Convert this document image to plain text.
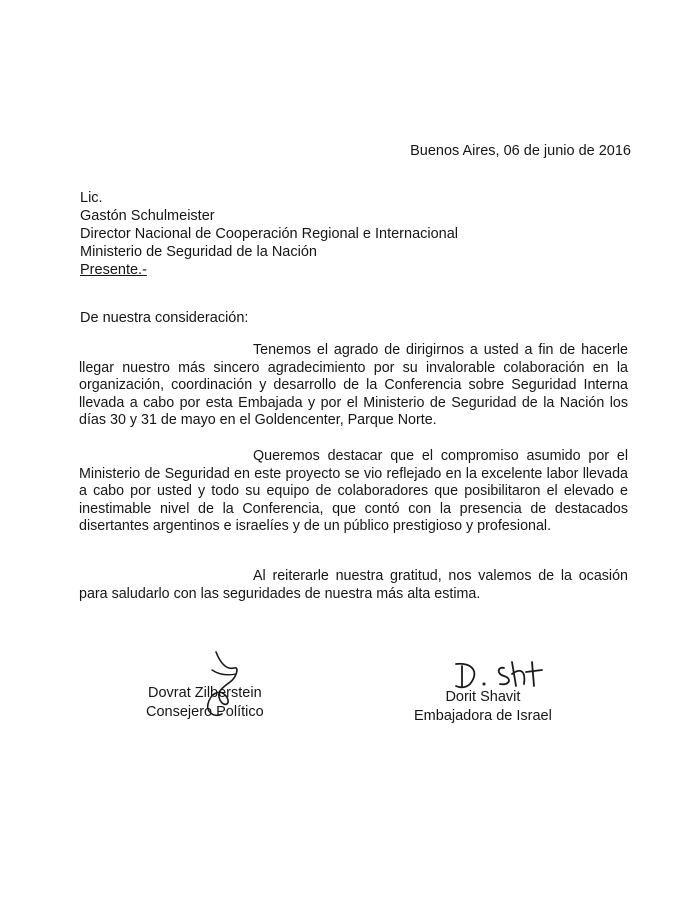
Buenos Aires, 06 de junio de 2016
Lic.
Gastón Schulmeister
Director Nacional de Cooperación Regional e Internacional
Ministerio de Seguridad de la Nación
Presente.-
De nuestra consideración:
Tenemos el agrado de dirigirnos a usted a fin de hacerle llegar nuestro más sincero agradecimiento por su invalorable colaboración en la organización, coordinación y desarrollo de la Conferencia sobre Seguridad Interna llevada a cabo por esta Embajada y por el Ministerio de Seguridad de la Nación los días 30 y 31 de mayo en el Goldencenter, Parque Norte.
Queremos destacar que el compromiso asumido por el Ministerio de Seguridad en este proyecto se vio reflejado en la excelente labor llevada a cabo por usted y todo su equipo de colaboradores que posibilitaron el elevado e inestimable nivel de la Conferencia, que contó con la presencia de destacados disertantes argentinos e israelíes y de un público prestigioso y profesional.
Al reiterarle nuestra gratitud, nos valemos de la ocasión para saludarlo con las seguridades de nuestra más alta estima.
Dovrat Zilberstein
Consejero Político
Dorit Shavit
Embajadora de Israel
